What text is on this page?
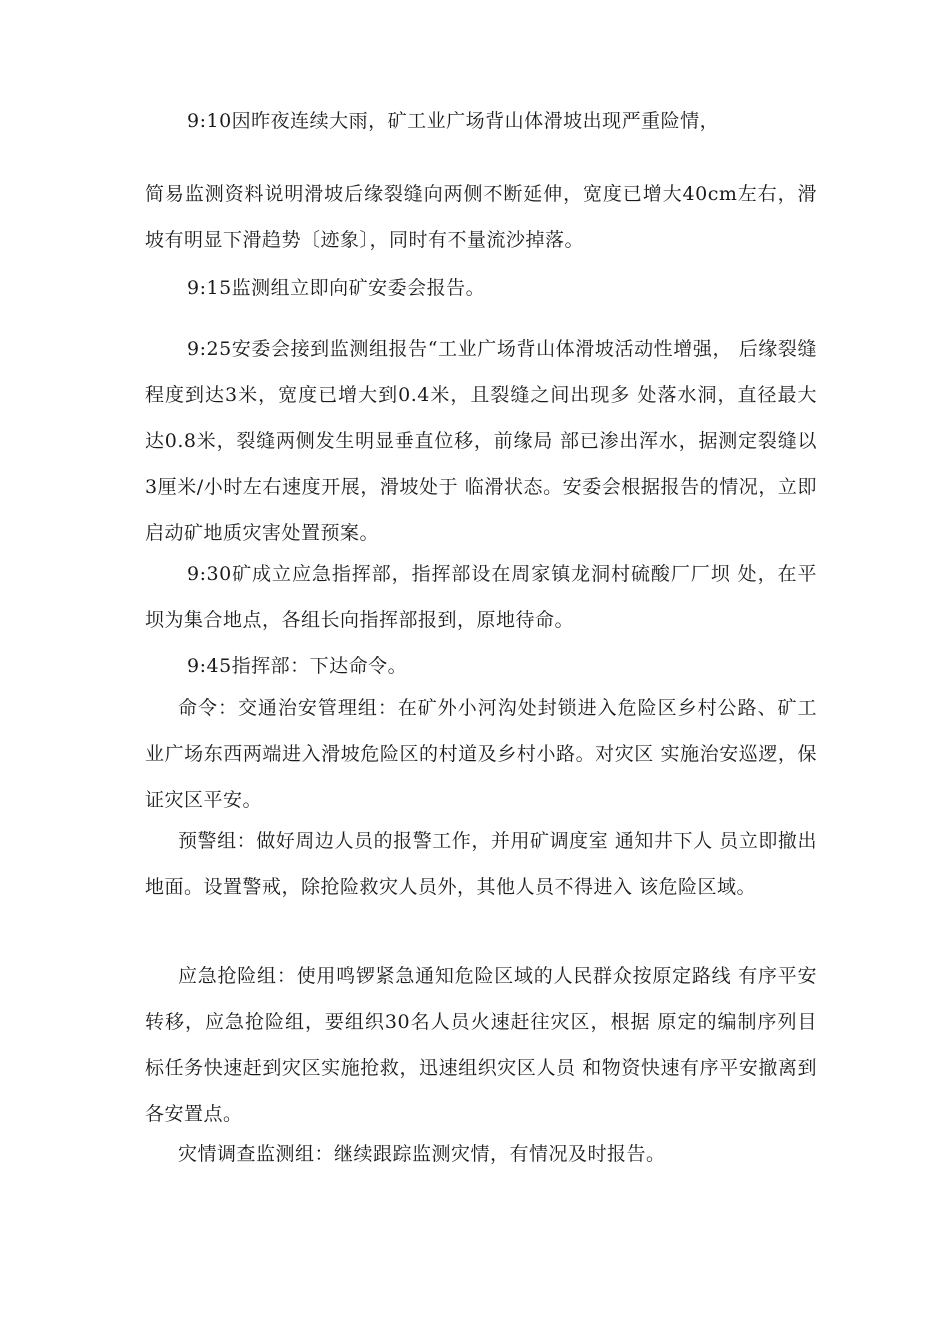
9:10因昨夜连续大雨，矿工业广场背山体滑坡出现严重险情，

简易监测资料说明滑坡后缘裂缝向两侧不断延伸，宽度已增大40cm左右，滑坡有明显下滑趋势〔迹象〕，同时有不量流沙掉落。

9:15监测组立即向矿安委会报告。

9:25安委会接到监测组报告“工业广场背山体滑坡活动性增强， 后缘裂缝程度到达3米，宽度已增大到0.4米，且裂缝之间出现多 处落水洞，直径最大达0.8米，裂缝两侧发生明显垂直位移，前缘局 部已渗出浑水，据测定裂缝以3厘米/小时左右速度开展，滑坡处于 临滑状态。安委会根据报告的情况，立即启动矿地质灾害处置预案。

9:30矿成立应急指挥部，指挥部设在周家镇龙洞村硫酸厂厂坝 处，在平坝为集合地点，各组长向指挥部报到，原地待命。

9:45指挥部：下达命令。

命令：交通治安管理组：在矿外小河沟处封锁进入危险区乡村公路、矿工业广场东西两端进入滑坡危险区的村道及乡村小路。对灾区 实施治安巡逻，保证灾区平安。

预警组：做好周边人员的报警工作，并用矿调度室 通知井下人 员立即撤出地面。设置警戒，除抢险救灾人员外，其他人员不得进入 该危险区域。

应急抢险组：使用鸣锣紧急通知危险区域的人民群众按原定路线 有序平安转移，应急抢险组，要组织30名人员火速赶往灾区，根据 原定的编制序列目标任务快速赶到灾区实施抢救，迅速组织灾区人员 和物资快速有序平安撤离到各安置点。

灾情调查监测组：继续跟踪监测灾情，有情况及时报告。
